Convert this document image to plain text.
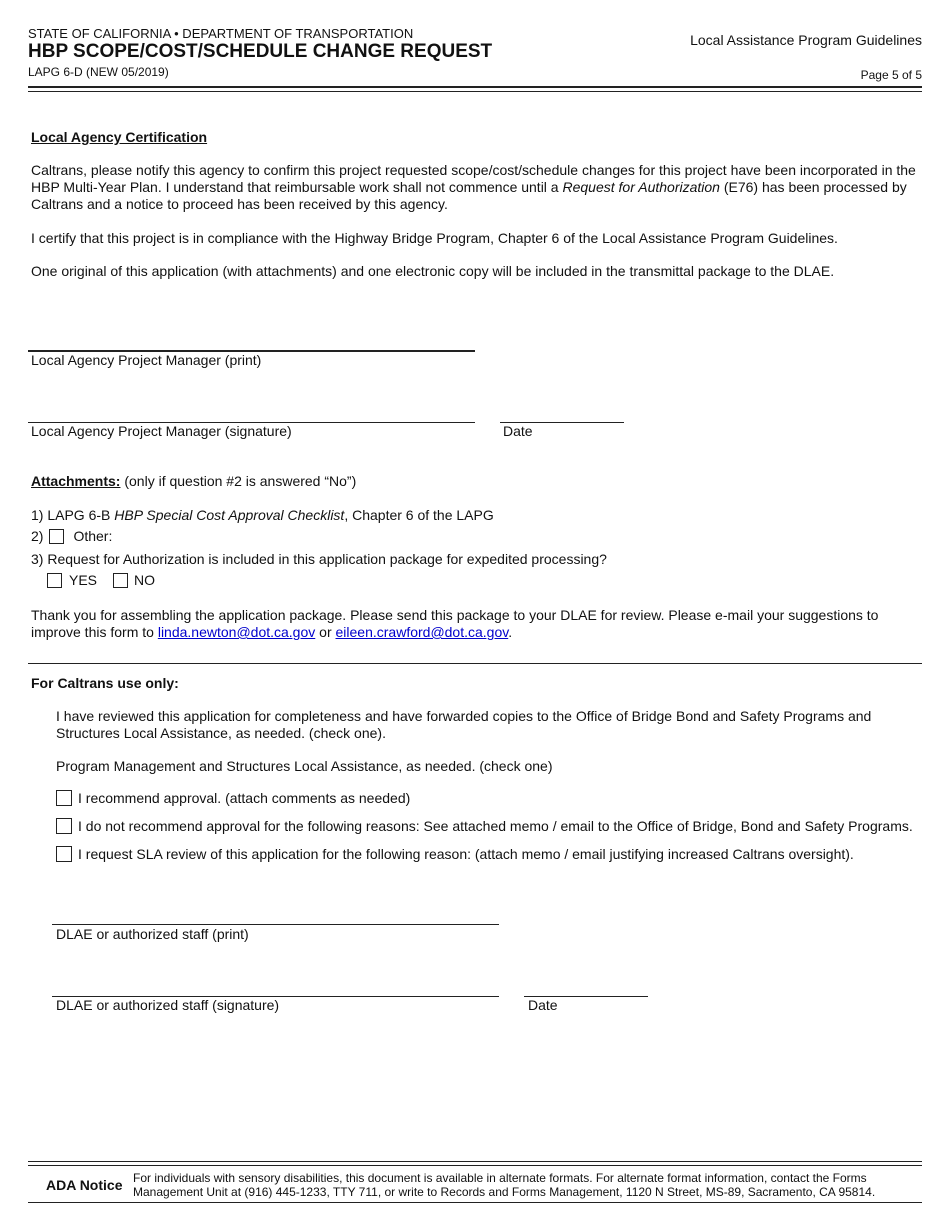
STATE OF CALIFORNIA • DEPARTMENT OF TRANSPORTATION
HBP SCOPE/COST/SCHEDULE CHANGE REQUEST
LAPG 6-D (NEW 05/2019)
Local Assistance Program Guidelines
Page 5 of 5
Local Agency Certification
Caltrans, please notify this agency to confirm this project requested scope/cost/schedule changes for this project have been incorporated in the HBP Multi-Year Plan. I understand that reimbursable work shall not commence until a Request for Authorization (E76) has been processed by Caltrans and a notice to proceed has been received by this agency.
I certify that this project is in compliance with the Highway Bridge Program, Chapter 6 of the Local Assistance Program Guidelines.
One original of this application (with attachments) and one electronic copy will be included in the transmittal package to the DLAE.
Local Agency Project Manager (print)
Local Agency Project Manager (signature)	Date
Attachments: (only if question #2 is answered “No”)
1) LAPG 6-B HBP Special Cost Approval Checklist, Chapter 6 of the LAPG
2) Other:
3) Request for Authorization is included in this application package for expedited processing?
YES	NO
Thank you for assembling the application package. Please send this package to your DLAE for review. Please e-mail your suggestions to improve this form to linda.newton@dot.ca.gov or eileen.crawford@dot.ca.gov.
For Caltrans use only:
I have reviewed this application for completeness and have forwarded copies to the Office of Bridge Bond and Safety Programs and Structures Local Assistance, as needed. (check one).
Program Management and Structures Local Assistance, as needed. (check one)
I recommend approval. (attach comments as needed)
I do not recommend approval for the following reasons: See attached memo / email to the Office of Bridge, Bond and Safety Programs.
I request SLA review of this application for the following reason: (attach memo / email justifying increased Caltrans oversight).
DLAE or authorized staff (print)
DLAE or authorized staff (signature)	Date
ADA Notice For individuals with sensory disabilities, this document is available in alternate formats. For alternate format information, contact the Forms Management Unit at (916) 445-1233, TTY 711, or write to Records and Forms Management, 1120 N Street, MS-89, Sacramento, CA 95814.
